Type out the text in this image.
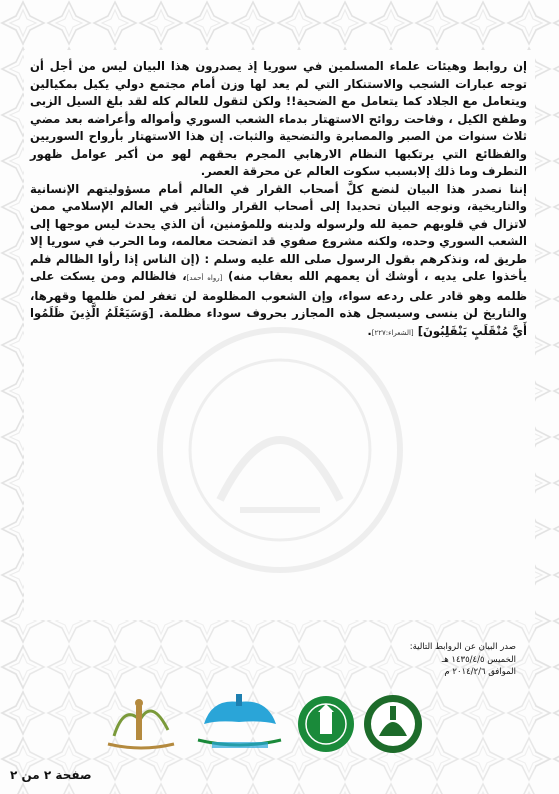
إن روابط وهيئات علماء المسلمين في سوريا إذ يصدرون هذا البيان ليس من أجل أن توجه عبارات الشجب والاستنكار التي لم يعد لها وزن أمام مجتمع دولي يكيل بمكيالين ويتعامل مع الجلاد كما يتعامل مع الضحية!! ولكن لتقول للعالم كله لقد بلغ السيل الزبى وطفح الكيل ، وفاحت روائح الاستهتار بدماء الشعب السوري وأمواله وأعراضه بعد مضي ثلاث سنوات من الصبر والمصابرة والتضحية والثبات. إن هذا الاستهتار بأرواح السوريين والفظائع التي يرتكبها النظام الارهابي المجرم بحقهم لهو من أكبر عوامل ظهور التطرف وما ذلك إلابسبب سكوت العالم عن محرقة العصر.

إننا نصدر هذا البيان لنضع كلَّ أصحاب القرار في العالم أمام مسؤوليتهم الإنسانية والتاريخية، ونوجه البيان تحديدا إلى أصحاب القرار والتأثير في العالم الإسلامي ممن لاتزال في قلوبهم حمية لله ولرسوله ولدينه وللمؤمنين، أن الذي يحدث ليس موجها إلى الشعب السوري وحده، ولكنه مشروع صفوي قد اتضحت معالمه، وما الحرب في سوريا إلا طريق له، ونذكرهم بقول الرسول صلى الله عليه وسلم : (إن الناس إذا رأوا الظالم فلم يأخذوا على يديه ، أوشك أن يعمهم الله بعقاب منه) [رواه أحمد]، فالظالم ومن يسكت على ظلمه وهو قادر على ردعه سواء، وإن الشعوب المظلومة لن تغفر لمن ظلمها وقهرها، والتاريخ لن ينسى وسيسجل هذه المجازر بحروف سوداء مظلمة. [وَسَيَعْلَمُ الَّذِينَ ظَلَمُوا أَيَّ مُنْقَلَبٍ يَنْقَلِبُونَ] [الشعراء:٢٢٧].

صدر البيان عن الروابط التالية:
الخميس ١٤٣٥/٤/٥ هـ
الموافق ٢٠١٤/٢/٦ م
صفحة ٢ من ٢
